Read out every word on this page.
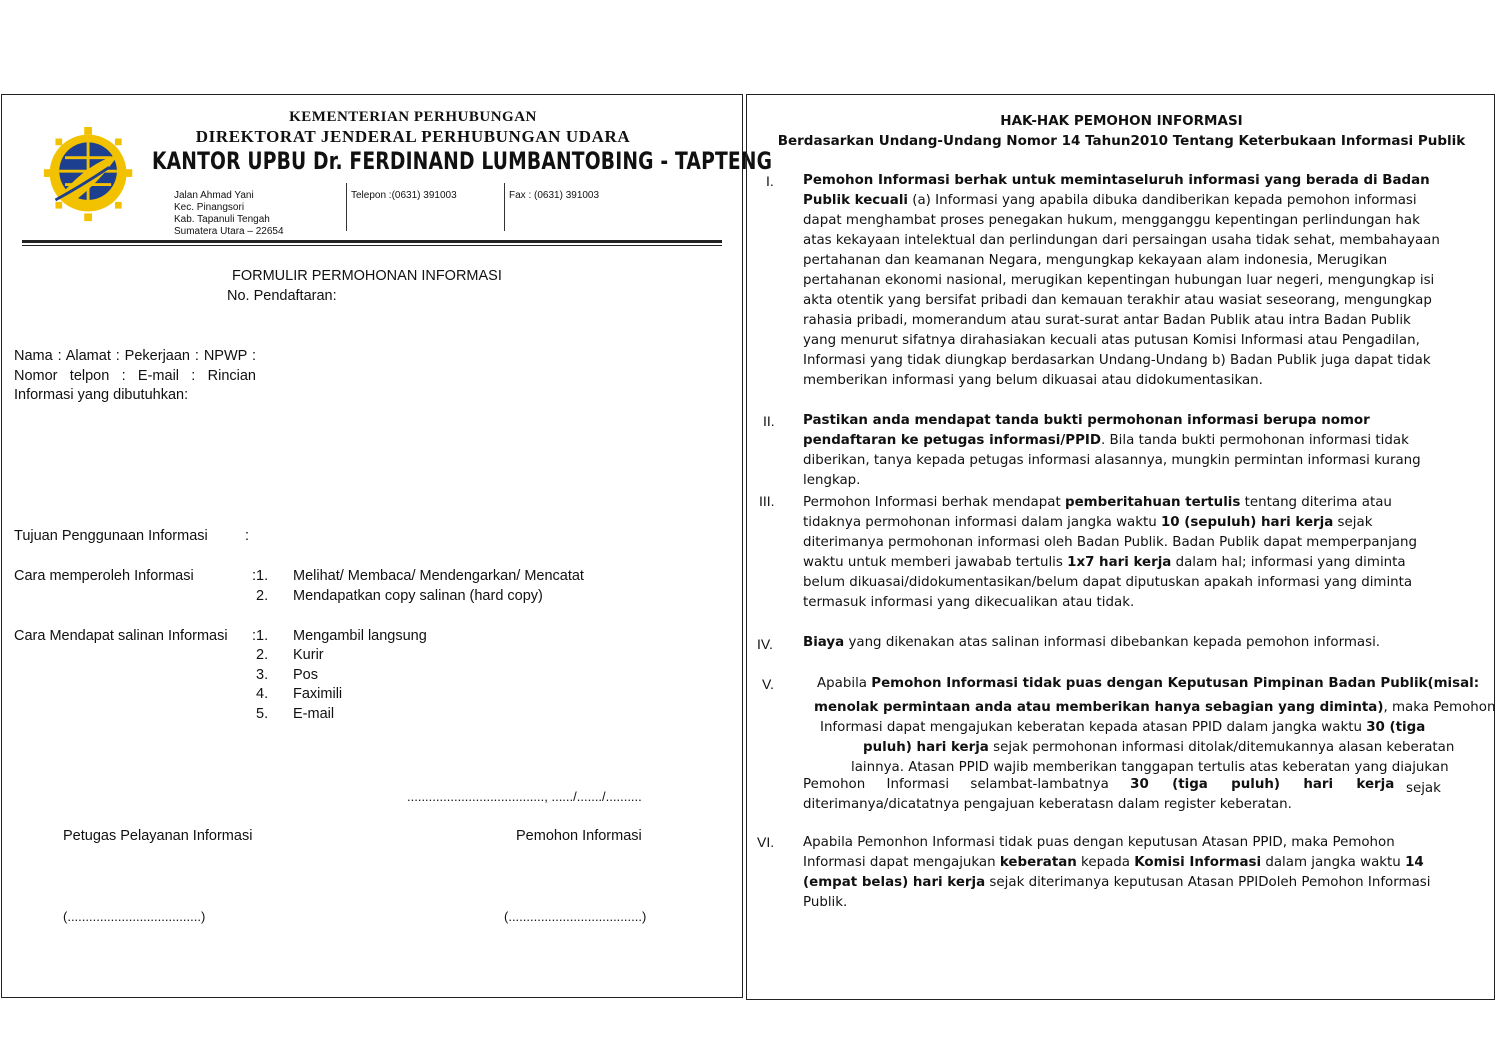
KEMENTERIAN PERHUBUNGAN
DIREKTORAT JENDERAL PERHUBUNGAN UDARA
KANTOR UPBU Dr. FERDINAND LUMBANTOBING - TAPTENG
Jalan Ahmad Yani
Kec. Pinangsori
Kab. Tapanuli Tengah
Sumatera Utara – 22654
Telepon :(0631) 391003	Fax : (0631) 391003
FORMULIR PERMOHONAN INFORMASI
No. Pendaftaran:
Nama : Alamat : Pekerjaan : NPWP : Nomor telpon : E-mail : Rincian Informasi yang dibutuhkan:
Tujuan Penggunaan Informasi	:
Cara memperoleh Informasi	:1. Melihat/ Membaca/ Mendengarkan/ Mencatat
2. Mendapatkan copy salinan (hard copy)
Cara Mendapat salinan Informasi :1. Mengambil langsung
2. Kurir
3. Pos
4. Faximili
5. E-mail
......................................, ....../......./..........
Petugas Pelayanan Informasi	Pemohon Informasi
(.....................................)	(.....................................)
HAK-HAK PEMOHON INFORMASI
Berdasarkan Undang-Undang Nomor 14 Tahun2010 Tentang Keterbukaan Informasi Publik
I. Pemohon Informasi berhak untuk memintaseluruh informasi yang berada di Badan Publik kecuali (a) Informasi yang apabila dibuka dandiberikan kepada pemohon informasi dapat menghambat proses penegakan hukum, mengganggu kepentingan perlindungan hak atas kekayaan intelektual dan perlindungan dari persaingan usaha tidak sehat, membahayaan pertahanan dan keamanan Negara, mengungkap kekayaan alam indonesia, Merugikan pertahanan ekonomi nasional, merugikan kepentingan hubungan luar negeri, mengungkap isi akta otentik yang bersifat pribadi dan kemauan terakhir atau wasiat seseorang, mengungkap rahasia pribadi, momerandum atau surat-surat antar Badan Publik atau intra Badan Publik yang menurut sifatnya dirahasiakan kecuali atas putusan Komisi Informasi atau Pengadilan, Informasi yang tidak diungkap berdasarkan Undang-Undang b) Badan Publik juga dapat tidak memberikan informasi yang belum dikuasai atau didokumentasikan.
II. Pastikan anda mendapat tanda bukti permohonan informasi berupa nomor pendaftaran ke petugas informasi/PPID. Bila tanda bukti permohonan informasi tidak diberikan, tanya kepada petugas informasi alasannya, mungkin permintan informasi kurang lengkap.
III. Permohon Informasi berhak mendapat pemberitahuan tertulis tentang diterima atau tidaknya permohonan informasi dalam jangka waktu 10 (sepuluh) hari kerja sejak diterimanya permohonan informasi oleh Badan Publik. Badan Publik dapat memperpanjang waktu untuk memberi jawabab tertulis 1x7 hari kerja dalam hal; informasi yang diminta belum dikuasai/didokumentasikan/belum dapat diputuskan apakah informasi yang diminta termasuk informasi yang dikecualikan atau tidak.
IV. Biaya yang dikenakan atas salinan informasi dibebankan kepada pemohon informasi.
V.	Apabila Pemohon Informasi tidak puas dengan Keputusan Pimpinan Badan Publik(misal:
menolak permintaan anda atau memberikan hanya sebagian yang diminta), maka Pemohon
Informasi dapat mengajukan keberatan kepada atasan PPID dalam jangka waktu 30 (tiga
puluh) hari kerja sejak permohonan informasi ditolak/ditemukannya alasan keberatan
lainnya. Atasan PPID wajib memberikan tanggapan tertulis atas keberatan yang diajukan
Pemohon     Informasi     selambat-lambatnya     30     (tiga     puluh)     hari     kerja sejak
diterimanya/dicatatnya pengajuan keberatasn dalam register keberatan.
VI. Apabila Pemonhon Informasi tidak puas dengan keputusan Atasan PPID, maka Pemohon Informasi dapat mengajukan keberatan kepada Komisi Informasi dalam jangka waktu 14 (empat belas) hari kerja sejak diterimanya keputusan Atasan PPIDoleh Pemohon Informasi Publik.
